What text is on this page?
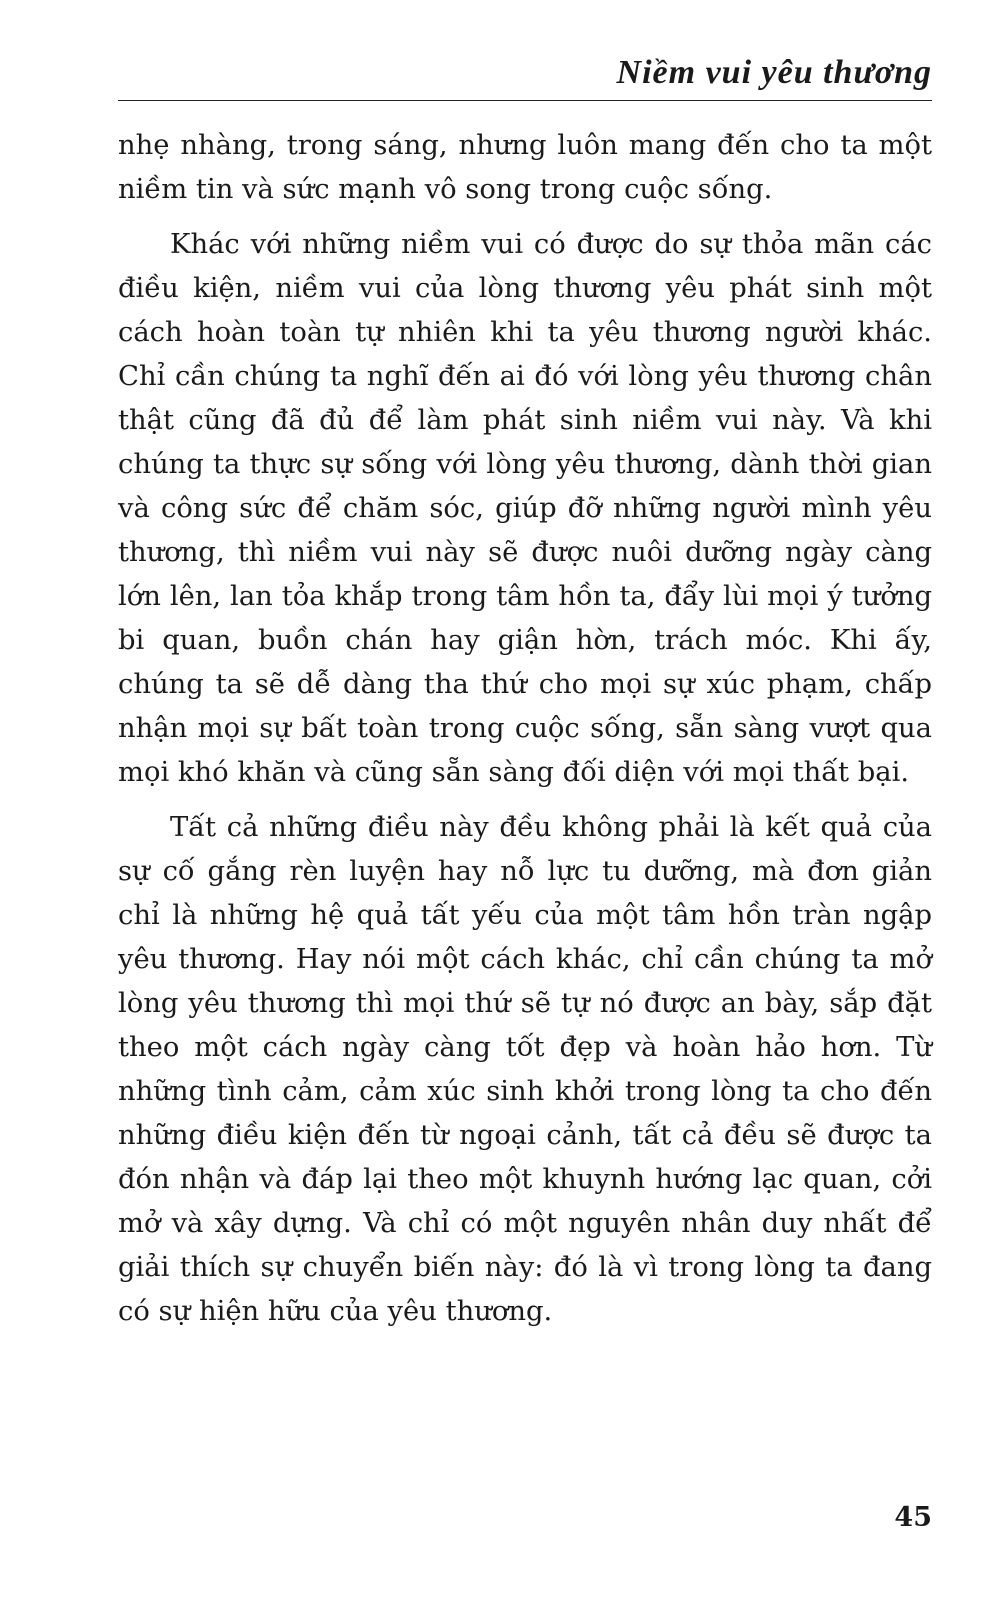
Niềm vui yêu thương

nhẹ nhàng, trong sáng, nhưng luôn mang đến cho ta một niềm tin và sức mạnh vô song trong cuộc sống.

Khác với những niềm vui có được do sự thỏa mãn các điều kiện, niềm vui của lòng thương yêu phát sinh một cách hoàn toàn tự nhiên khi ta yêu thương người khác. Chỉ cần chúng ta nghĩ đến ai đó với lòng yêu thương chân thật cũng đã đủ để làm phát sinh niềm vui này. Và khi chúng ta thực sự sống với lòng yêu thương, dành thời gian và công sức để chăm sóc, giúp đỡ những người mình yêu thương, thì niềm vui này sẽ được nuôi dưỡng ngày càng lớn lên, lan tỏa khắp trong tâm hồn ta, đẩy lùi mọi ý tưởng bi quan, buồn chán hay giận hờn, trách móc. Khi ấy, chúng ta sẽ dễ dàng tha thứ cho mọi sự xúc phạm, chấp nhận mọi sự bất toàn trong cuộc sống, sẵn sàng vượt qua mọi khó khăn và cũng sẵn sàng đối diện với mọi thất bại.

Tất cả những điều này đều không phải là kết quả của sự cố gắng rèn luyện hay nỗ lực tu dưỡng, mà đơn giản chỉ là những hệ quả tất yếu của một tâm hồn tràn ngập yêu thương. Hay nói một cách khác, chỉ cần chúng ta mở lòng yêu thương thì mọi thứ sẽ tự nó được an bày, sắp đặt theo một cách ngày càng tốt đẹp và hoàn hảo hơn. Từ những tình cảm, cảm xúc sinh khởi trong lòng ta cho đến những điều kiện đến từ ngoại cảnh, tất cả đều sẽ được ta đón nhận và đáp lại theo một khuynh hướng lạc quan, cởi mở và xây dựng. Và chỉ có một nguyên nhân duy nhất để giải thích sự chuyển biến này: đó là vì trong lòng ta đang có sự hiện hữu của yêu thương.

45
